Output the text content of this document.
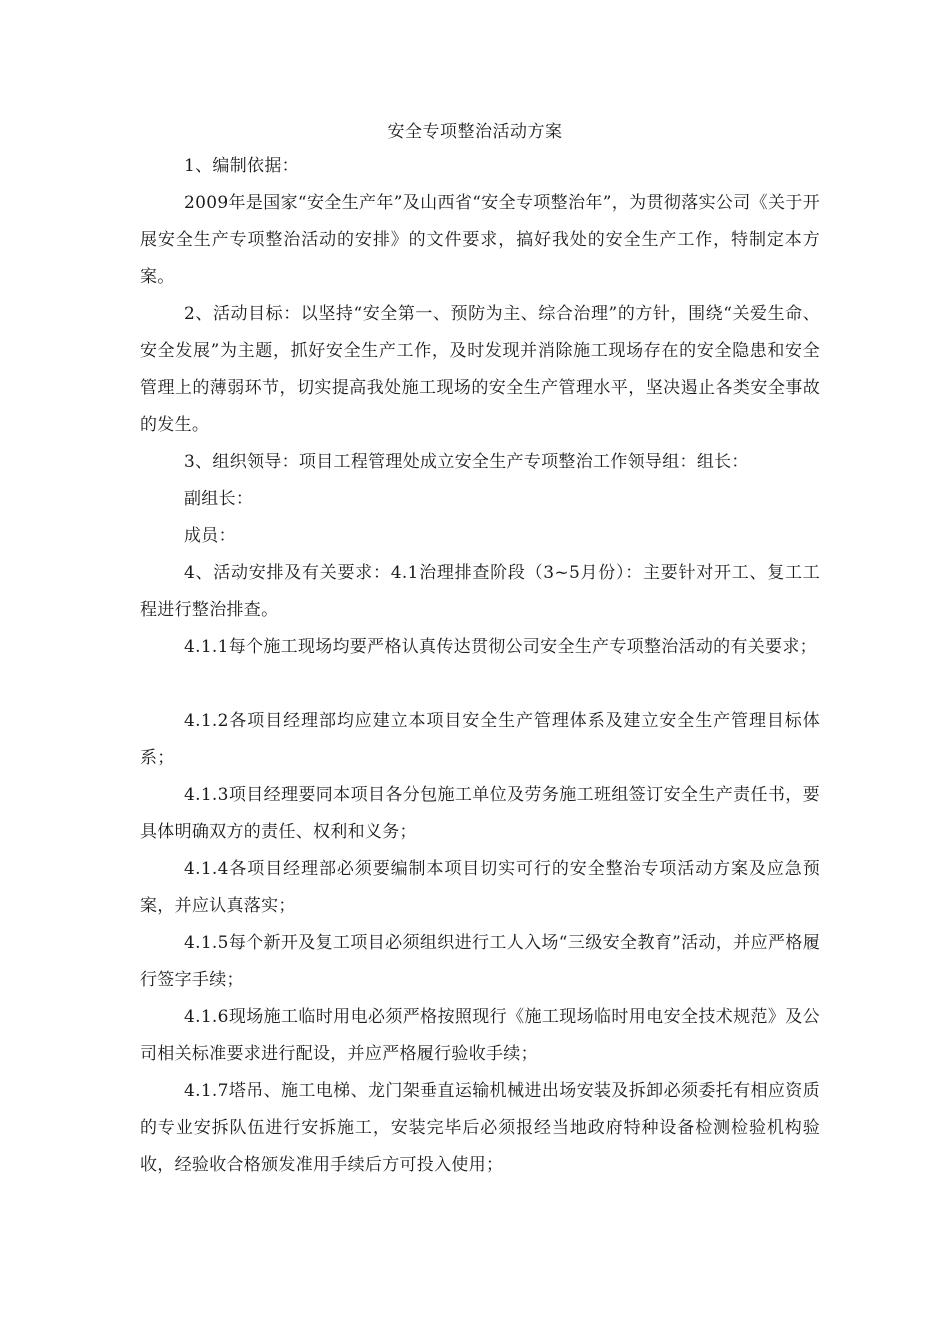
安全专项整治活动方案
1、编制依据：
2009年是国家“安全生产年”及山西省“安全专项整治年”，为贯彻落实公司《关于开展安全生产专项整治活动的安排》的文件要求，搞好我处的安全生产工作，特制定本方案。
2、活动目标：以坚持“安全第一、预防为主、综合治理”的方针，围绕“关爱生命、安全发展”为主题，抓好安全生产工作，及时发现并消除施工现场存在的安全隐患和安全管理上的薄弱环节，切实提高我处施工现场的安全生产管理水平，坚决遏止各类安全事故的发生。
3、组织领导：项目工程管理处成立安全生产专项整治工作领导组：组长：
副组长：
成员：
4、活动安排及有关要求：4.1治理排查阶段（3~5月份）：主要针对开工、复工工程进行整治排查。
4.1.1每个施工现场均要严格认真传达贯彻公司安全生产专项整治活动的有关要求；
4.1.2各项目经理部均应建立本项目安全生产管理体系及建立安全生产管理目标体系；
4.1.3项目经理要同本项目各分包施工单位及劳务施工班组签订安全生产责任书，要具体明确双方的责任、权利和义务；
4.1.4各项目经理部必须要编制本项目切实可行的安全整治专项活动方案及应急预案，并应认真落实；
4.1.5每个新开及复工项目必须组织进行工人入场“三级安全教育”活动，并应严格履行签字手续；
4.1.6现场施工临时用电必须严格按照现行《施工现场临时用电安全技术规范》及公司相关标准要求进行配设，并应严格履行验收手续；
4.1.7塔吊、施工电梯、龙门架垂直运输机械进出场安装及拆卸必须委托有相应资质的专业安拆队伍进行安拆施工，安装完毕后必须报经当地政府特种设备检测检验机构验收，经验收合格颁发准用手续后方可投入使用；
